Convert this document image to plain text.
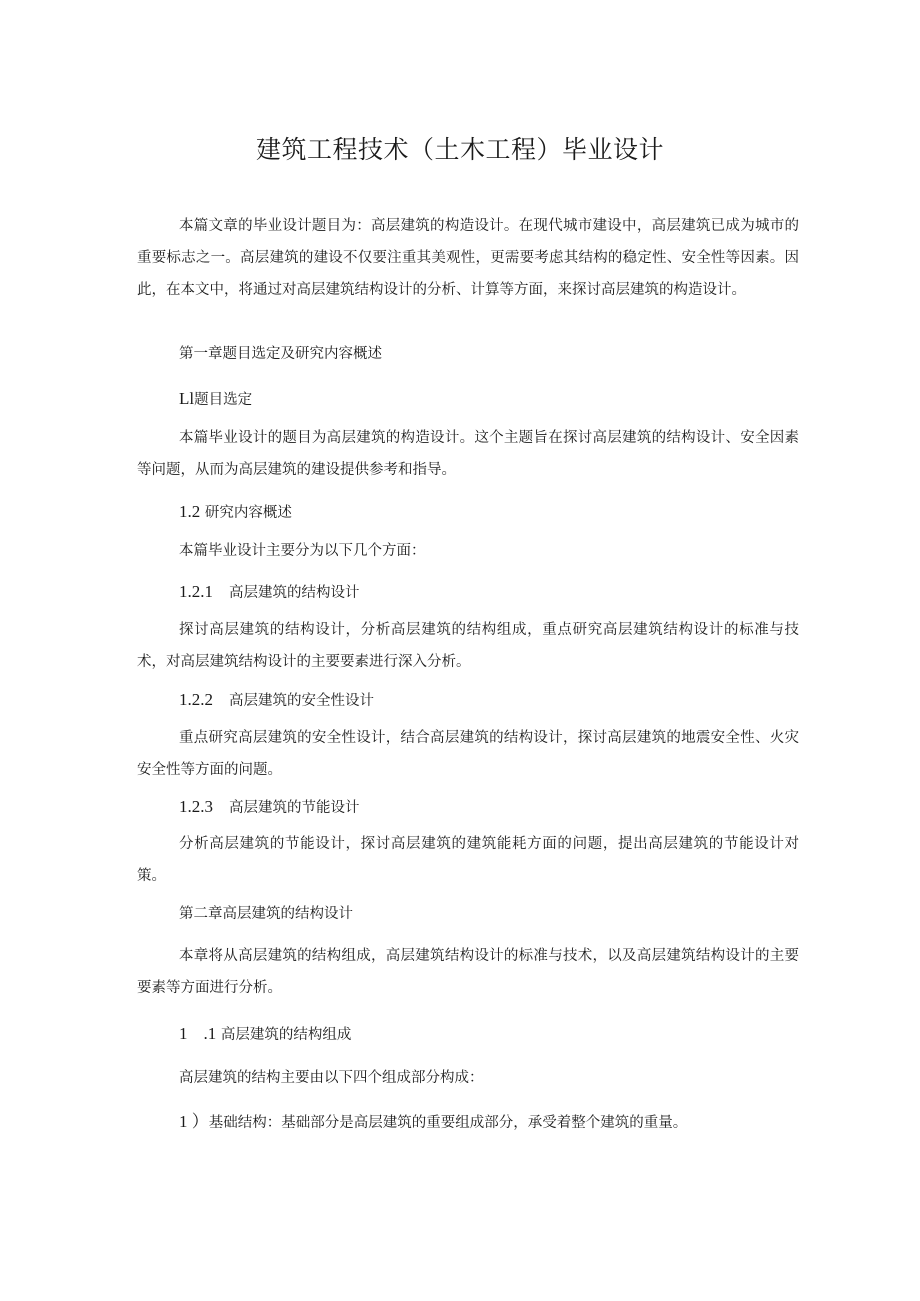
建筑工程技术（土木工程）毕业设计

本篇文章的毕业设计题目为：高层建筑的构造设计。在现代城市建设中，高层建筑已成为城市的重要标志之一。高层建筑的建设不仅要注重其美观性，更需要考虑其结构的稳定性、安全性等因素。因此，在本文中，将通过对高层建筑结构设计的分析、计算等方面，来探讨高层建筑的构造设计。

第一章题目选定及研究内容概述

Ll题目选定

本篇毕业设计的题目为高层建筑的构造设计。这个主题旨在探讨高层建筑的结构设计、安全因素等问题，从而为高层建筑的建设提供参考和指导。

1.2 研究内容概述

本篇毕业设计主要分为以下几个方面：

1.2.1 高层建筑的结构设计

探讨高层建筑的结构设计，分析高层建筑的结构组成，重点研究高层建筑结构设计的标准与技术，对高层建筑结构设计的主要要素进行深入分析。

1.2.2 高层建筑的安全性设计

重点研究高层建筑的安全性设计，结合高层建筑的结构设计，探讨高层建筑的地震安全性、火灾安全性等方面的问题。

1.2.3 高层建筑的节能设计

分析高层建筑的节能设计，探讨高层建筑的建筑能耗方面的问题，提出高层建筑的节能设计对策。

第二章高层建筑的结构设计

本章将从高层建筑的结构组成，高层建筑结构设计的标准与技术，以及高层建筑结构设计的主要要素等方面进行分析。

1 .1 高层建筑的结构组成

高层建筑的结构主要由以下四个组成部分构成：

1 ）基础结构：基础部分是高层建筑的重要组成部分，承受着整个建筑的重量。
